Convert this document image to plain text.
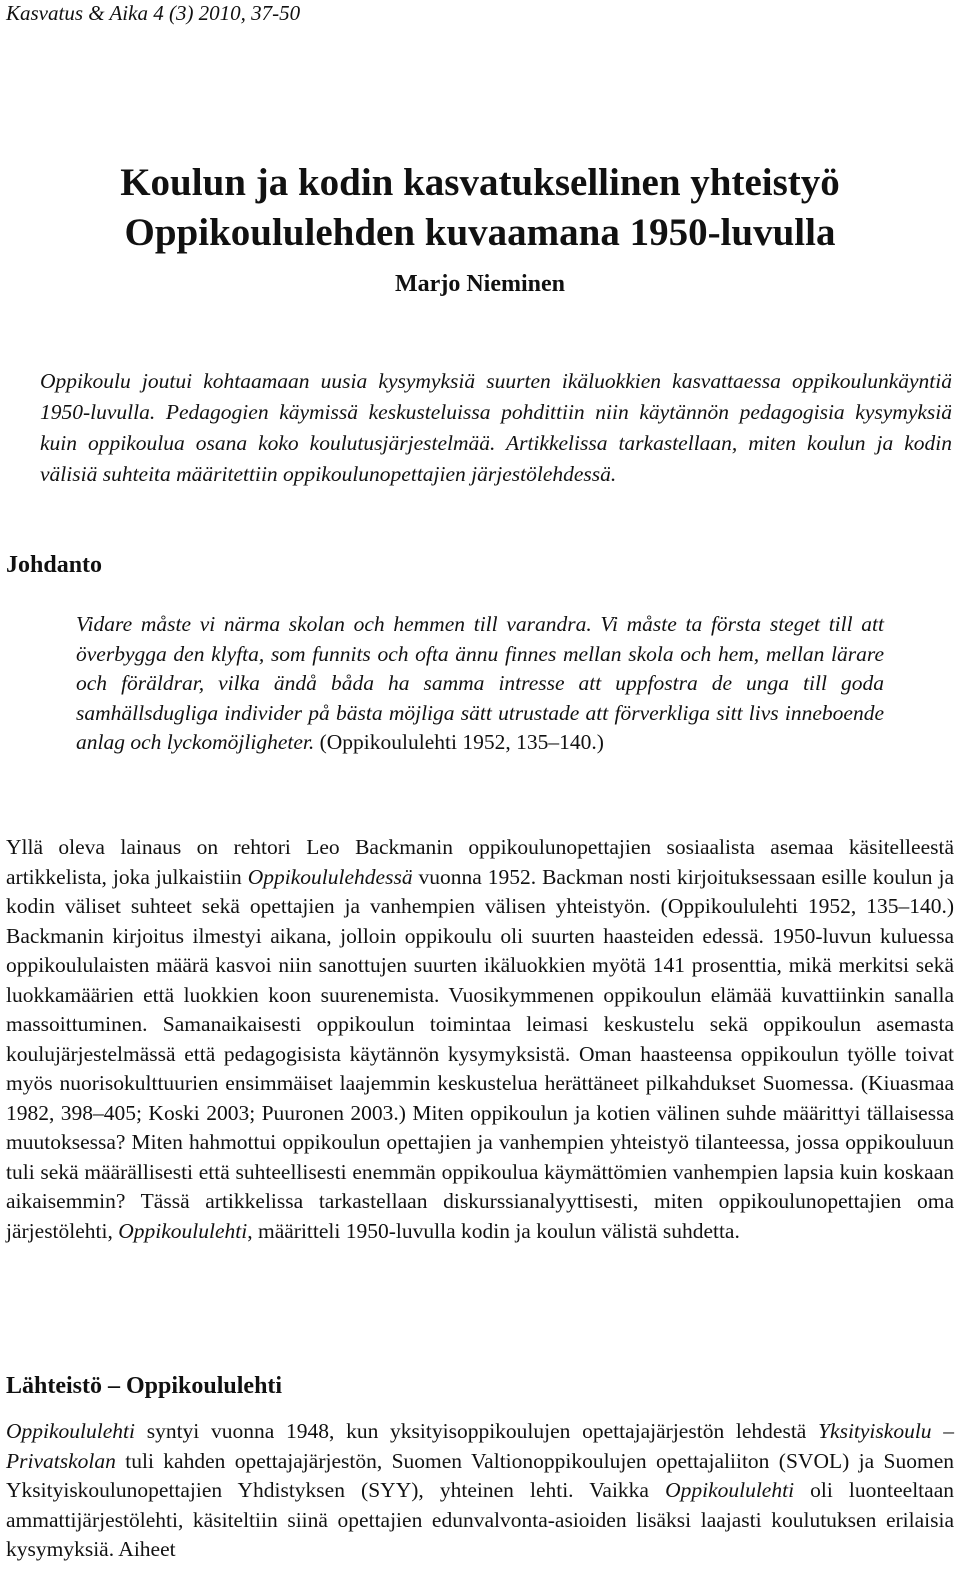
Kasvatus & Aika 4 (3) 2010, 37-50
Koulun ja kodin kasvatuksellinen yhteistyö
Oppikoululehden kuvaamana 1950-luvulla
Marjo Nieminen

Oppikoulu joutui kohtaamaan uusia kysymyksiä suurten ikäluokkien kasvattaessa oppikoulunkäyntiä 1950-luvulla. Pedagogien käymissä keskusteluissa pohdittiin niin käytännön pedagogisia kysymyksiä kuin oppikoulua osana koko koulutusjärjestelmää. Artikkelissa tarkastellaan, miten koulun ja kodin välisiä suhteita määritettiin oppikoulunopettajien järjestölehdessä.

Johdanto

Vidare måste vi närma skolan och hemmen till varandra. Vi måste ta första steget till att överbygga den klyfta, som funnits och ofta ännu finnes mellan skola och hem, mellan lärare och föräldrar, vilka ändå båda ha samma intresse att uppfostra de unga till goda samhällsdugliga individer på bästa möjliga sätt utrustade att förverkliga sitt livs inneboende anlag och lyckomöjligheter. (Oppikoululehti 1952, 135–140.)

Yllä oleva lainaus on rehtori Leo Backmanin oppikoulunopettajien sosiaalista asemaa käsitelleestä artikkelista, joka julkaistiin Oppikoululehdessä vuonna 1952. Backman nosti kirjoituksessaan esille koulun ja kodin väliset suhteet sekä opettajien ja vanhempien välisen yhteistyön. (Oppikoululehti 1952, 135–140.) Backmanin kirjoitus ilmestyi aikana, jolloin oppikoulu oli suurten haasteiden edessä. 1950-luvun kuluessa oppikoululaisten määrä kasvoi niin sanottujen suurten ikäluokkien myötä 141 prosenttia, mikä merkitsi sekä luokkamäärien että luokkien koon suurenemista. Vuosikymmenen oppikoulun elämää kuvattiinkin sanalla massoittuminen. Samanaikaisesti oppikoulun toimintaa leimasi keskustelu sekä oppikoulun asemasta koulujärjestelmässä että pedagogisista käytännön kysymyksistä. Oman haasteensa oppikoulun työlle toivat myös nuorisokulttuurien ensimmäiset laajemmin keskustelua herättäneet pilkahdukset Suomessa. (Kiuasmaa 1982, 398–405; Koski 2003; Puuronen 2003.) Miten oppikoulun ja kotien välinen suhde määrittyi tällaisessa muutoksessa? Miten hahmottui oppikoulun opettajien ja vanhempien yhteistyö tilanteessa, jossa oppikouluun tuli sekä määrällisesti että suhteellisesti enemmän oppikoulua käymättömien vanhempien lapsia kuin koskaan aikaisemmin? Tässä artikkelissa tarkastellaan diskurssianalyyttisesti, miten oppikoulunopettajien oma järjestölehti, Oppikoululehti, määritteli 1950-luvulla kodin ja koulun välistä suhdetta.

Lähteistö – Oppikoululehti

Oppikoululehti syntyi vuonna 1948, kun yksityisoppikoulujen opettajajärjestön lehdestä Yksityiskoulu – Privatskolan tuli kahden opettajajärjestön, Suomen Valtionoppikoulujen opettajaliiton (SVOL) ja Suomen Yksityiskoulunopettajien Yhdistyksen (SYY), yhteinen lehti. Vaikka Oppikoululehti oli luonteeltaan ammattijärjestölehti, käsiteltiin siinä opettajien edunvalvonta-asioiden lisäksi laajasti koulutuksen erilaisia kysymyksiä. Aiheet
